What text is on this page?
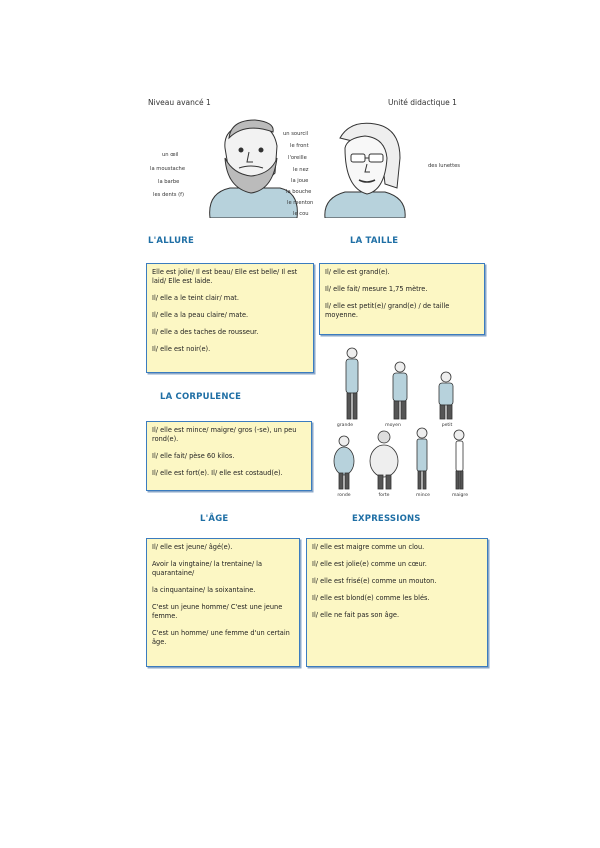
Niveau avancé 1	Unité didactique 1
un œil
la moustache
la barbe
les dents (f)
un sourcil
le front
l'oreille
le nez
la joue
la bouche
le menton
le cou
des lunettes
L'ALLURE

Elle est jolie/ Il est beau/ Elle est belle/ Il est laid/ Elle est laide.

Il/ elle a le teint clair/ mat.

Il/ elle a la peau claire/ mate.

Il/ elle a des taches de rousseur.

Il/ elle est noir(e).

LA TAILLE

Il/ elle est grand(e).

Il/ elle fait/ mesure 1,75 mètre.

Il/ elle est petit(e)/ grand(e) / de taille moyenne.

LA CORPULENCE

Il/ elle est mince/ maigre/ gros (-se), un peu rond(e).

Il/ elle fait/ pèse 60 kilos.

Il/ elle est fort(e). Il/ elle est costaud(e).

grande	moyen	petit
ronde	forte	mince	maigre
L'ÂGE

Il/ elle est jeune/ âgé(e).

Avoir la vingtaine/ la trentaine/ la quarantaine/

la cinquantaine/ la soixantaine.

C'est un jeune homme/ C'est une jeune femme.

C'est un homme/ une femme d'un certain âge.

EXPRESSIONS

Il/ elle est maigre comme un clou.

Il/ elle est jolie(e) comme un cœur.

Il/ elle est frisé(e) comme un mouton.

Il/ elle est blond(e) comme les blés.

Il/ elle ne fait pas son âge.
